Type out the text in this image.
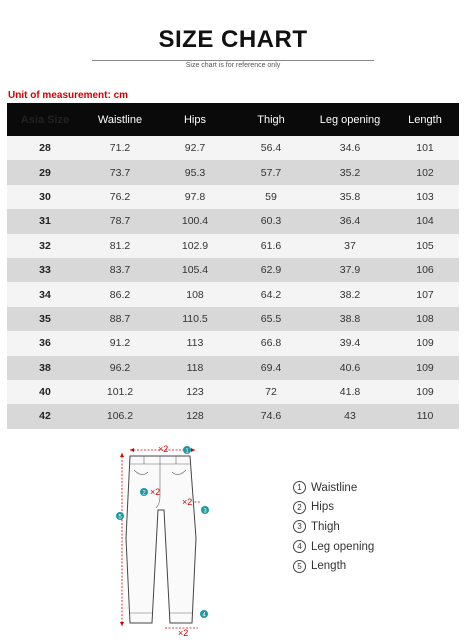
SIZE CHART
Size chart is for reference only
Unit of measurement: cm
Asia Size	Waistline	Hips	Thigh	Leg opening	Length
28	71.2	92.7	56.4	34.6	101
29	73.7	95.3	57.7	35.2	102
30	76.2	97.8	59	35.8	103
31	78.7	100.4	60.3	36.4	104
32	81.2	102.9	61.6	37	105
33	83.7	105.4	62.9	37.9	106
34	86.2	108	64.2	38.2	107
35	88.7	110.5	65.5	38.8	108
36	91.2	113	66.8	39.4	109
38	96.2	118	69.4	40.6	109
40	101.2	123	72	41.8	109
42	106.2	128	74.6	43	110
1
2
3
4
5
×2
×2
×2
×2
1 Waistline
2 Hips
3 Thigh
4 Leg opening
5 Length
